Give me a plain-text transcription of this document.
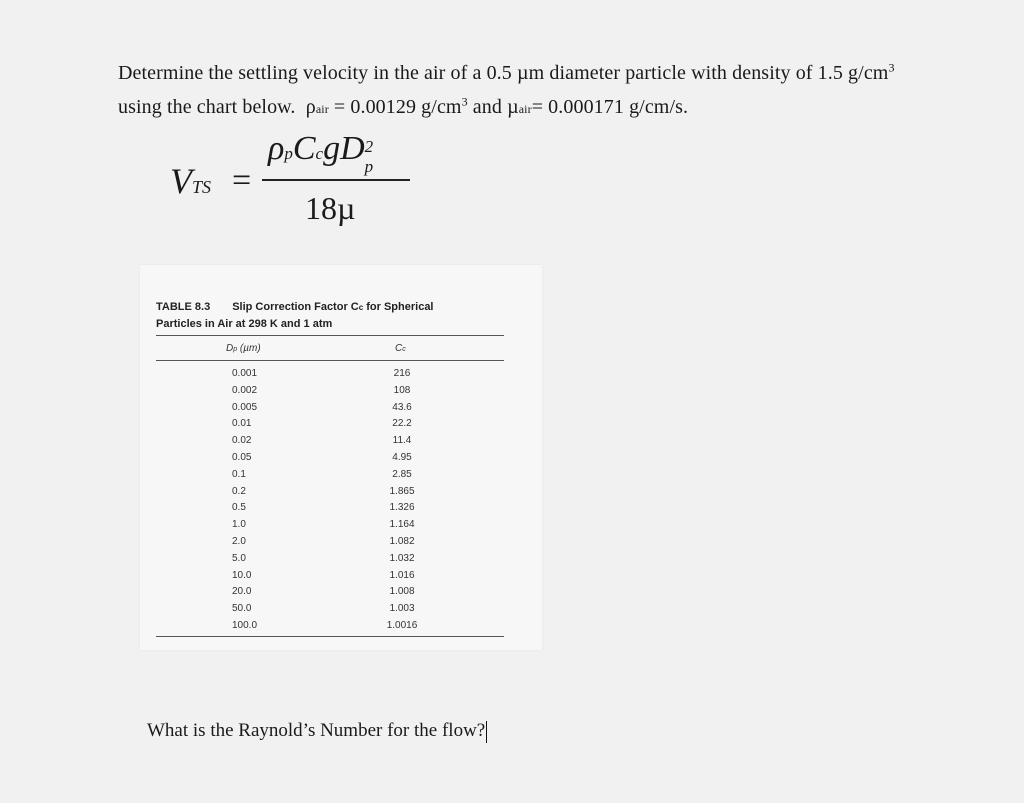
Determine the settling velocity in the air of a 0.5 µm diameter particle with density of 1.5 $g/cm^3$
using the chart below. ρair = 0.00129 $g/cm^3$ and µair= 0.000171 g/cm/s.
VTS =
ρpCcgD 2
p
18µ
TABLE 8.3 Slip Correction Factor Cc for Spherical
Particles in Air at 298 K and 1 atm
Dp (µm)	Cc
0.001	216
0.002	108
0.005	43.6
0.01	22.2
0.02	11.4
0.05	4.95
0.1	2.85
0.2	1.865
0.5	1.326
1.0	1.164
2.0	1.082
5.0	1.032
10.0	1.016
20.0	1.008
50.0	1.003
100.0	1.0016
What is the Raynold’s Number for the flow?
